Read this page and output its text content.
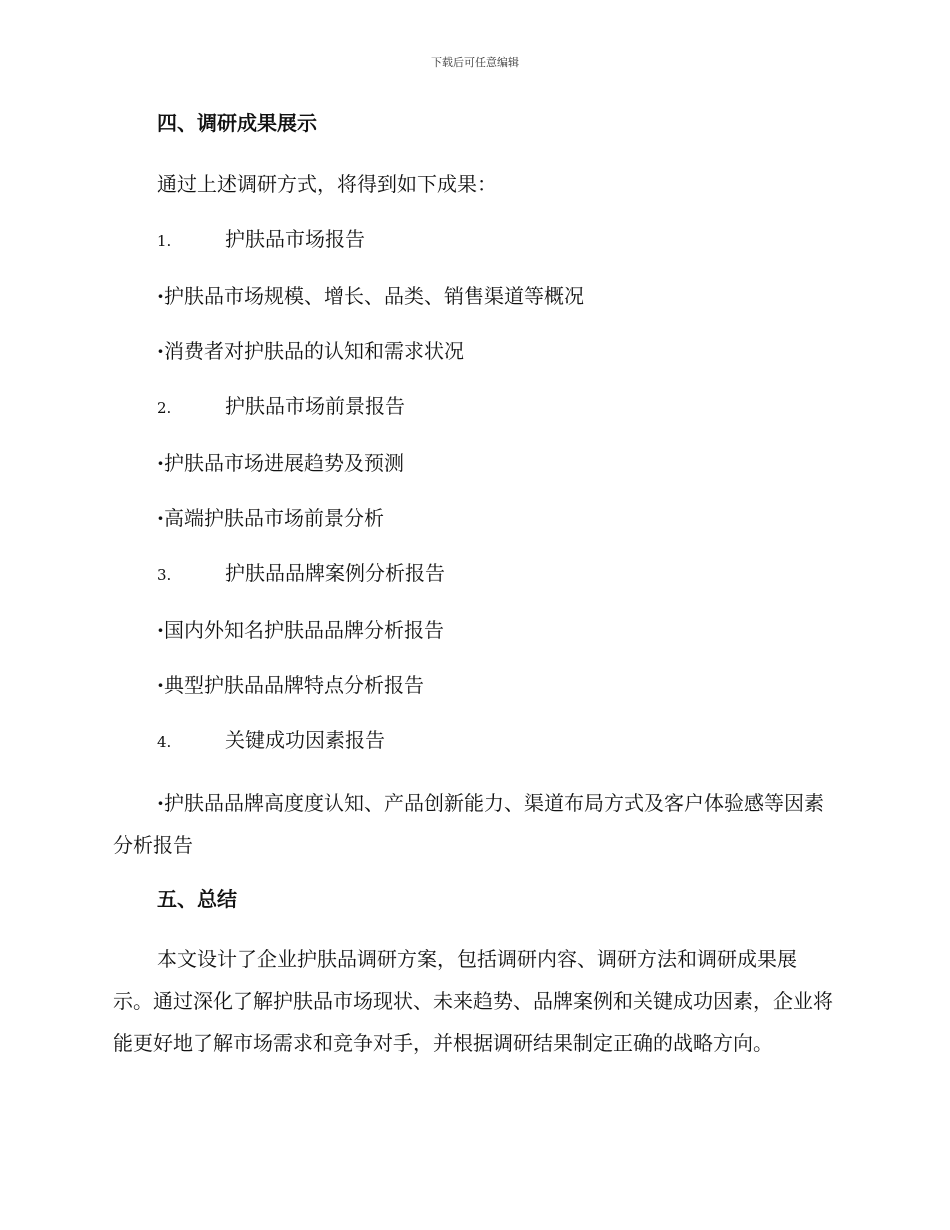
下载后可任意编辑
四、调研成果展示
通过上述调研方式，将得到如下成果：
1.	护肤品市场报告
·护肤品市场规模、增长、品类、销售渠道等概况
·消费者对护肤品的认知和需求状况
2.	护肤品市场前景报告
·护肤品市场进展趋势及预测
·高端护肤品市场前景分析
3.	护肤品品牌案例分析报告
·国内外知名护肤品品牌分析报告
·典型护肤品品牌特点分析报告
4.	关键成功因素报告
·护肤品品牌高度度认知、产品创新能力、渠道布局方式及客户体验感等因素分析报告
五、总结

本文设计了企业护肤品调研方案，包括调研内容、调研方法和调研成果展示。通过深化了解护肤品市场现状、未来趋势、品牌案例和关键成功因素，企业将能更好地了解市场需求和竞争对手，并根据调研结果制定正确的战略方向。
